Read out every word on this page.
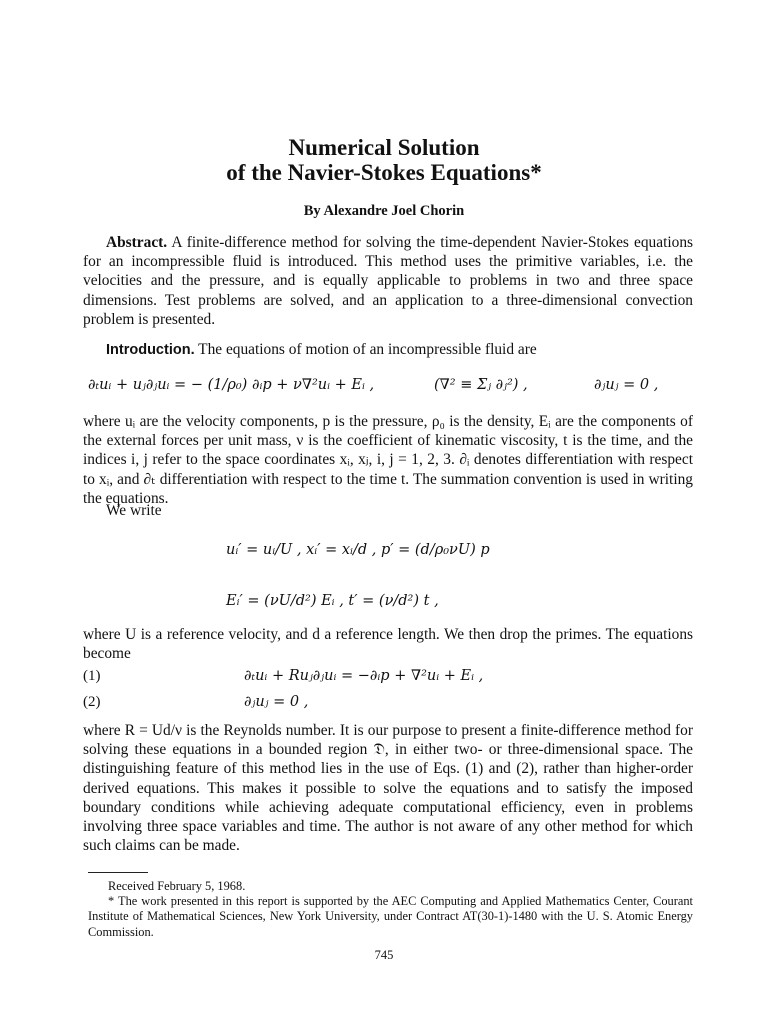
Numerical Solution
of the Navier-Stokes Equations*
By Alexandre Joel Chorin

Abstract. A finite-difference method for solving the time-dependent Navier-Stokes equations for an incompressible fluid is introduced. This method uses the primitive variables, i.e. the velocities and the pressure, and is equally applicable to problems in two and three space dimensions. Test problems are solved, and an application to a three-dimensional convection problem is presented.

Introduction. The equations of motion of an incompressible fluid are

∂ₜuᵢ + uⱼ∂ⱼuᵢ = − (1/ρ₀) ∂ᵢp + ν∇²uᵢ + Eᵢ ,	(∇² ≡ Σⱼ ∂ⱼ²) ,	∂ⱼuⱼ = 0 ,

where uᵢ are the velocity components, p is the pressure, ρ₀ is the density, Eᵢ are the components of the external forces per unit mass, ν is the coefficient of kinematic viscosity, t is the time, and the indices i, j refer to the space coordinates xᵢ, xⱼ, i, j = 1, 2, 3. ∂ᵢ denotes differentiation with respect to xᵢ, and ∂ₜ differentiation with respect to the time t. The summation convention is used in writing the equations.

We write

uᵢ′ = uᵢ/U , xᵢ′ = xᵢ/d , p′ = (d/ρ₀νU) p
Eᵢ′ = (νU/d²) Eᵢ , t′ = (ν/d²) t ,

where U is a reference velocity, and d a reference length. We then drop the primes. The equations become

(1)	∂ₜuᵢ + Ruⱼ∂ⱼuᵢ = −∂ᵢp + ∇²uᵢ + Eᵢ ,
(2)	∂ⱼuⱼ = 0 ,

where R = Ud/ν is the Reynolds number. It is our purpose to present a finite-difference method for solving these equations in a bounded region 𝔇, in either two- or three-dimensional space. The distinguishing feature of this method lies in the use of Eqs. (1) and (2), rather than higher-order derived equations. This makes it possible to solve the equations and to satisfy the imposed boundary conditions while achieving adequate computational efficiency, even in problems involving three space variables and time. The author is not aware of any other method for which such claims can be made.

Received February 5, 1968.

* The work presented in this report is supported by the AEC Computing and Applied Mathematics Center, Courant Institute of Mathematical Sciences, New York University, under Contract AT(30-1)-1480 with the U. S. Atomic Energy Commission.

745
